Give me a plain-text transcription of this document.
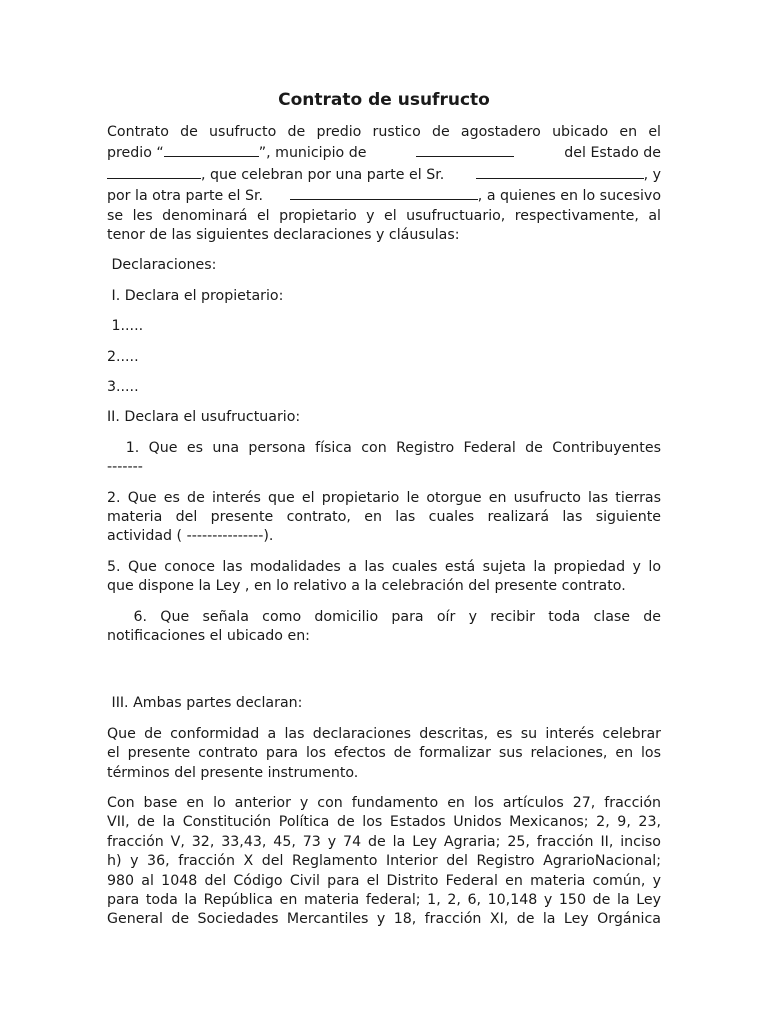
Contrato de usufructo

Contrato de usufructo de predio rustico de agostadero ubicado en el

predio “	”, municipio de	del Estado de

, que celebran por una parte el Sr.	, y

por la otra parte el Sr.	, a quienes en lo sucesivo

se les denominará el propietario y el usufructuario, respectivamente, al

tenor de las siguientes declaraciones y cláusulas:

Declaraciones:

I. Declara el propietario:

1.....

2.....

3.....

II. Declara el usufructuario:

1. Que es una persona física con Registro Federal de Contribuyentes

-------

2. Que es de interés que el propietario le otorgue en usufructo las tierras

materia del presente contrato, en las cuales realizará las siguiente

actividad ( ---------------).

5. Que conoce las modalidades a las cuales está sujeta la propiedad y lo

que dispone la Ley , en lo relativo a la celebración del presente contrato.

6. Que señala como domicilio para oír y recibir toda clase de

notificaciones el ubicado en:

III. Ambas partes declaran:

Que de conformidad a las declaraciones descritas, es su interés celebrar

el presente contrato para los efectos de formalizar sus relaciones, en los

términos del presente instrumento.

Con base en lo anterior y con fundamento en los artículos 27, fracción

VII, de la Constitución Política de los Estados Unidos Mexicanos; 2, 9, 23,

fracción V, 32, 33,43, 45, 73 y 74 de la Ley Agraria; 25, fracción II, inciso

h) y 36, fracción X del Reglamento Interior del Registro AgrarioNacional;

980 al 1048 del Código Civil para el Distrito Federal en materia común, y

para toda la República en materia federal; 1, 2, 6, 10,148 y 150 de la Ley

General de Sociedades Mercantiles y 18, fracción XI, de la Ley Orgánica
